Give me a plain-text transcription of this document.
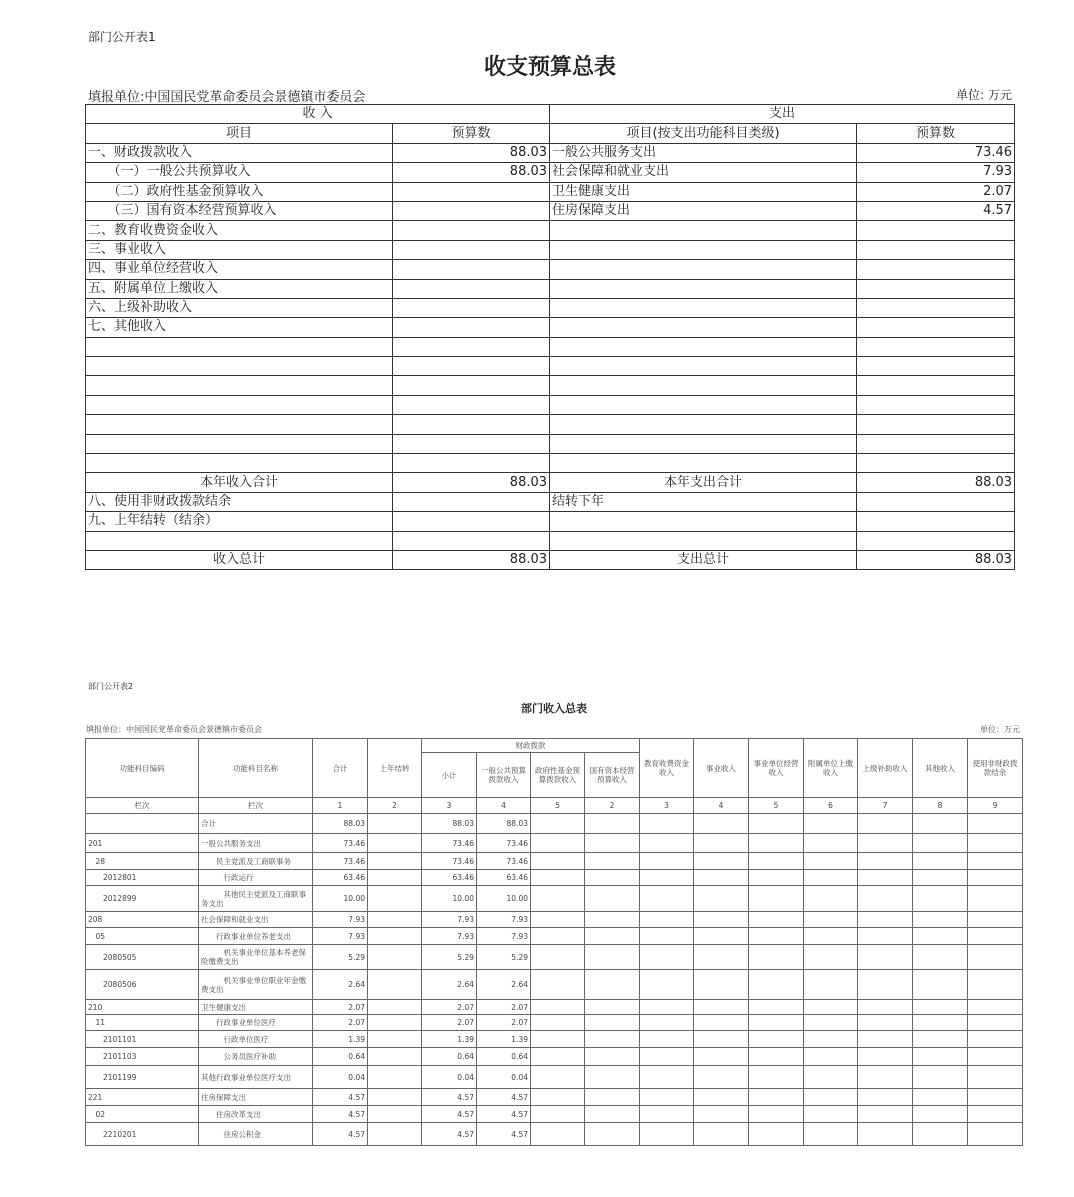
部门公开表1
收支预算总表
填报单位:中国国民党革命委员会景德镇市委员会	单位: 万元
收 入		支出	
项目	预算数	项目(按支出功能科目类级)	预算数
一、财政拨款收入	88.03	一般公共服务支出	73.46
　　（一）一般公共预算收入	88.03	社会保障和就业支出	7.93
　　（二）政府性基金预算收入		卫生健康支出	2.07
　　（三）国有资本经营预算收入		住房保障支出	4.57
二、教育收费资金收入			
三、事业收入			
四、事业单位经营收入			
五、附属单位上缴收入			
六、上级补助收入			
七、其他收入			

本年收入合计	88.03	本年支出合计	88.03
八、使用非财政拨款结余		结转下年	
九、上年结转（结余）			

收入总计	88.03	支出总计	88.03
部门公开表2
部门收入总表
填报单位：中国国民党革命委员会景德镇市委员会	单位：万元
功能科目编码	功能科目名称	合计	上年结转	财政拨款				教育收费资金收入	事业收入	事业单位经营收入	附属单位上缴收入	上级补助收入	其他收入	使用非财政拨款结余
				小计	一般公共预算拨款收入	政府性基金预算拨款收入	国有资本经营预算收入							
栏次	栏次	1	2	3	4	5	2	3	4	5	6	7	8	9
	合计	88.03		88.03	88.03									
201	一般公共服务支出	73.46		73.46	73.46									
　28	　　民主党派及工商联事务	73.46		73.46	73.46									
　　2012801	　　　行政运行	63.46		63.46	63.46									
　　2012899	　　　其他民主党派及工商联事务支出	10.00		10.00	10.00									
208	社会保障和就业支出	7.93		7.93	7.93									
　05	　　行政事业单位养老支出	7.93		7.93	7.93									
　　2080505	　　　机关事业单位基本养老保险缴费支出	5.29		5.29	5.29									
　　2080506	　　　机关事业单位职业年金缴费支出	2.64		2.64	2.64									
210	卫生健康支出	2.07		2.07	2.07									
　11	　　行政事业单位医疗	2.07		2.07	2.07									
　　2101101	　　　行政单位医疗	1.39		1.39	1.39									
　　2101103	　　　公务员医疗补助	0.64		0.64	0.64									
　　2101199	其他行政事业单位医疗支出	0.04		0.04	0.04									
221	住房保障支出	4.57		4.57	4.57									
　02	　　住房改革支出	4.57		4.57	4.57									
　　2210201	　　　住房公积金	4.57		4.57	4.57									
